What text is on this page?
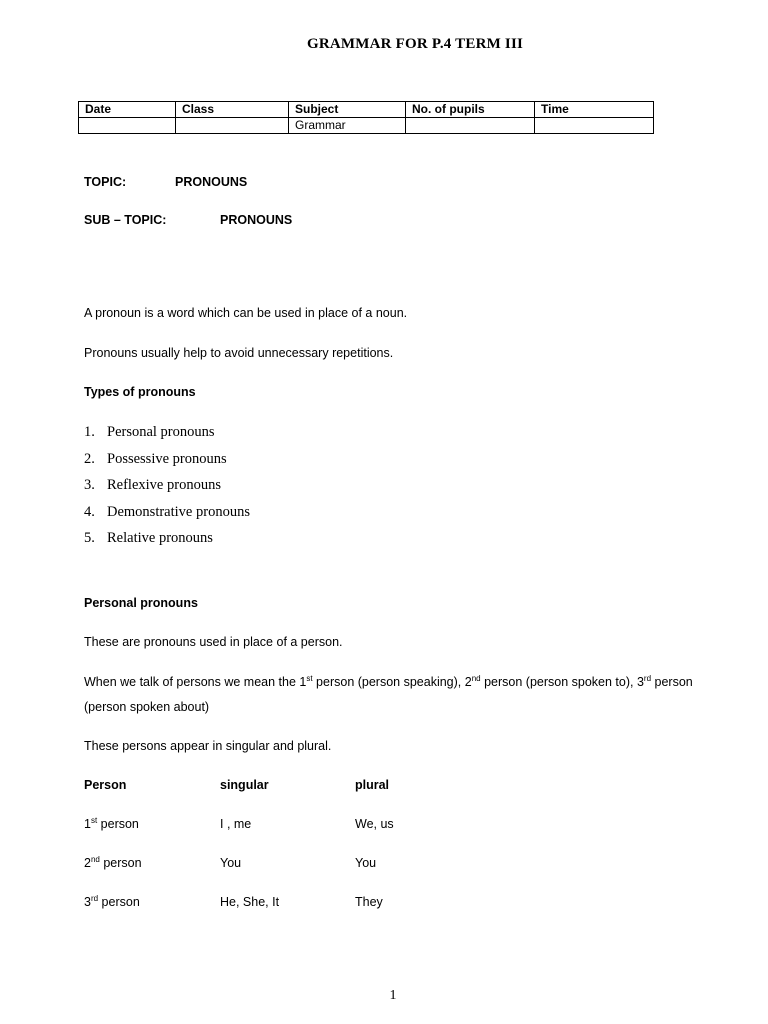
GRAMMAR FOR P.4 TERM III
Date	Class	Subject	No. of pupils	Time
		Grammar		
TOPIC:	PRONOUNS
SUB – TOPIC:	PRONOUNS
A pronoun is a word which can be used in place of a noun.
Pronouns usually help to avoid unnecessary repetitions.
Types of pronouns
1. Personal pronouns
2. Possessive pronouns
3. Reflexive pronouns
4. Demonstrative pronouns
5. Relative pronouns
Personal pronouns
These are pronouns used in place of a person.
When we talk of persons we mean the 1st person (person speaking), 2nd person (person spoken to), 3rd person
(person spoken about)
These persons appear in singular and plural.
Person	singular	plural
1st person	I , me	We, us
2nd person	You	You
3rd person	He, She, It	They
1
